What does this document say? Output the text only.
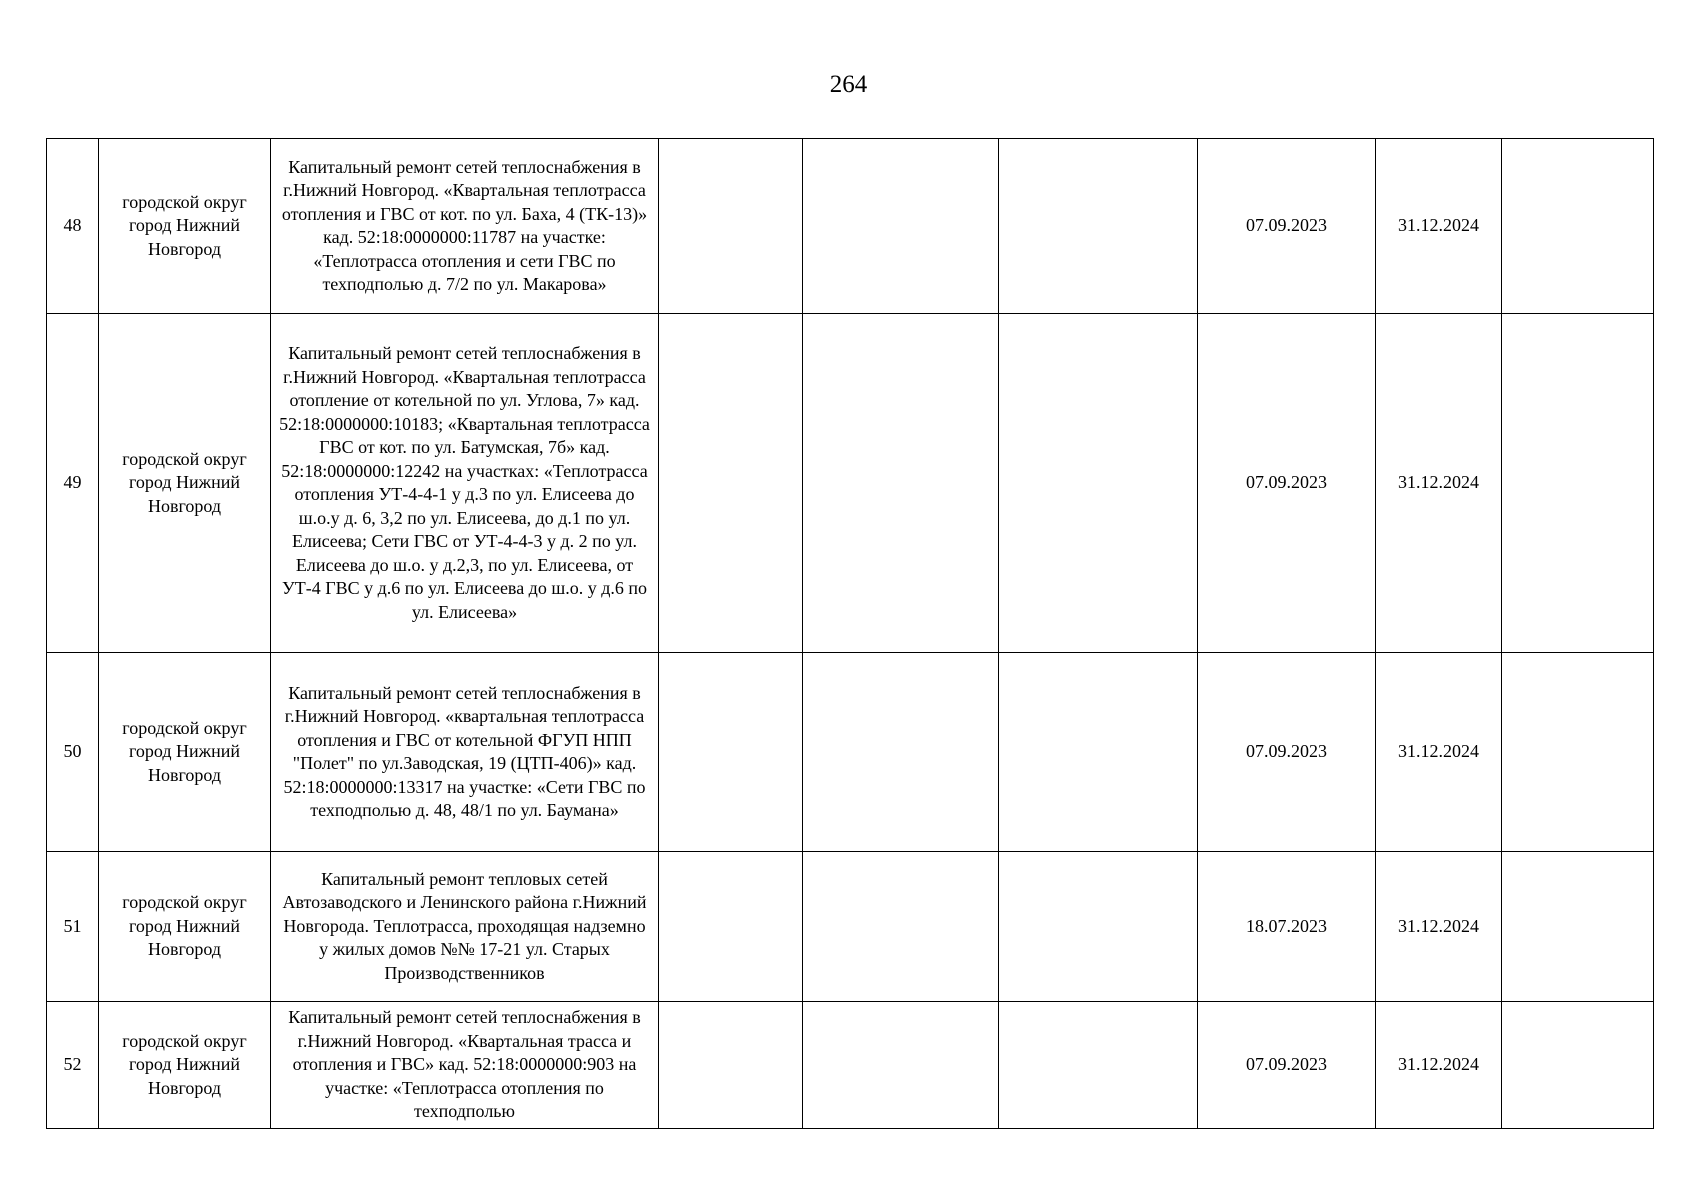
264
48	городской округ город Нижний Новгород	Капитальный ремонт сетей теплоснабжения в г.Нижний Новгород. «Квартальная теплотрасса отопления и ГВС от кот. по ул. Баха, 4 (ТК-13)» кад. 52:18:0000000:11787 на участке: «Теплотрасса отопления и сети ГВС по техподполью д. 7/2 по ул. Макарова»				07.09.2023	31.12.2024	
49	городской округ город Нижний Новгород	Капитальный ремонт сетей теплоснабжения в г.Нижний Новгород. «Квартальная теплотрасса отопление от котельной по ул. Углова, 7» кад. 52:18:0000000:10183; «Квартальная теплотрасса ГВС от кот. по ул. Батумская, 7б» кад. 52:18:0000000:12242 на участках: «Теплотрасса отопления УТ-4-4-1 у д.3 по ул. Елисеева до ш.о.у д. 6, 3,2 по ул. Елисеева, до д.1 по ул. Елисеева; Сети ГВС от УТ-4-4-3 у д. 2 по ул. Елисеева до ш.о. у д.2,3, по ул. Елисеева, от УТ-4 ГВС у д.6 по ул. Елисеева до ш.о. у д.6 по ул. Елисеева»				07.09.2023	31.12.2024	
50	городской округ город Нижний Новгород	Капитальный ремонт сетей теплоснабжения в г.Нижний Новгород. «квартальная теплотрасса отопления и ГВС от котельной ФГУП НПП "Полет" по ул.Заводская, 19 (ЦТП-406)» кад. 52:18:0000000:13317 на участке: «Сети ГВС по техподполью д. 48, 48/1 по ул. Баумана»				07.09.2023	31.12.2024	
51	городской округ город Нижний Новгород	Капитальный ремонт тепловых сетей Автозаводского и Ленинского района г.Нижний Новгорода. Теплотрасса, проходящая надземно у жилых домов №№ 17-21 ул. Старых Производственников				18.07.2023	31.12.2024	
52	городской округ город Нижний Новгород	Капитальный ремонт сетей теплоснабжения в г.Нижний Новгород. «Квартальная трасса и отопления и ГВС» кад. 52:18:0000000:903 на участке: «Теплотрасса отопления по техподполью				07.09.2023	31.12.2024	
